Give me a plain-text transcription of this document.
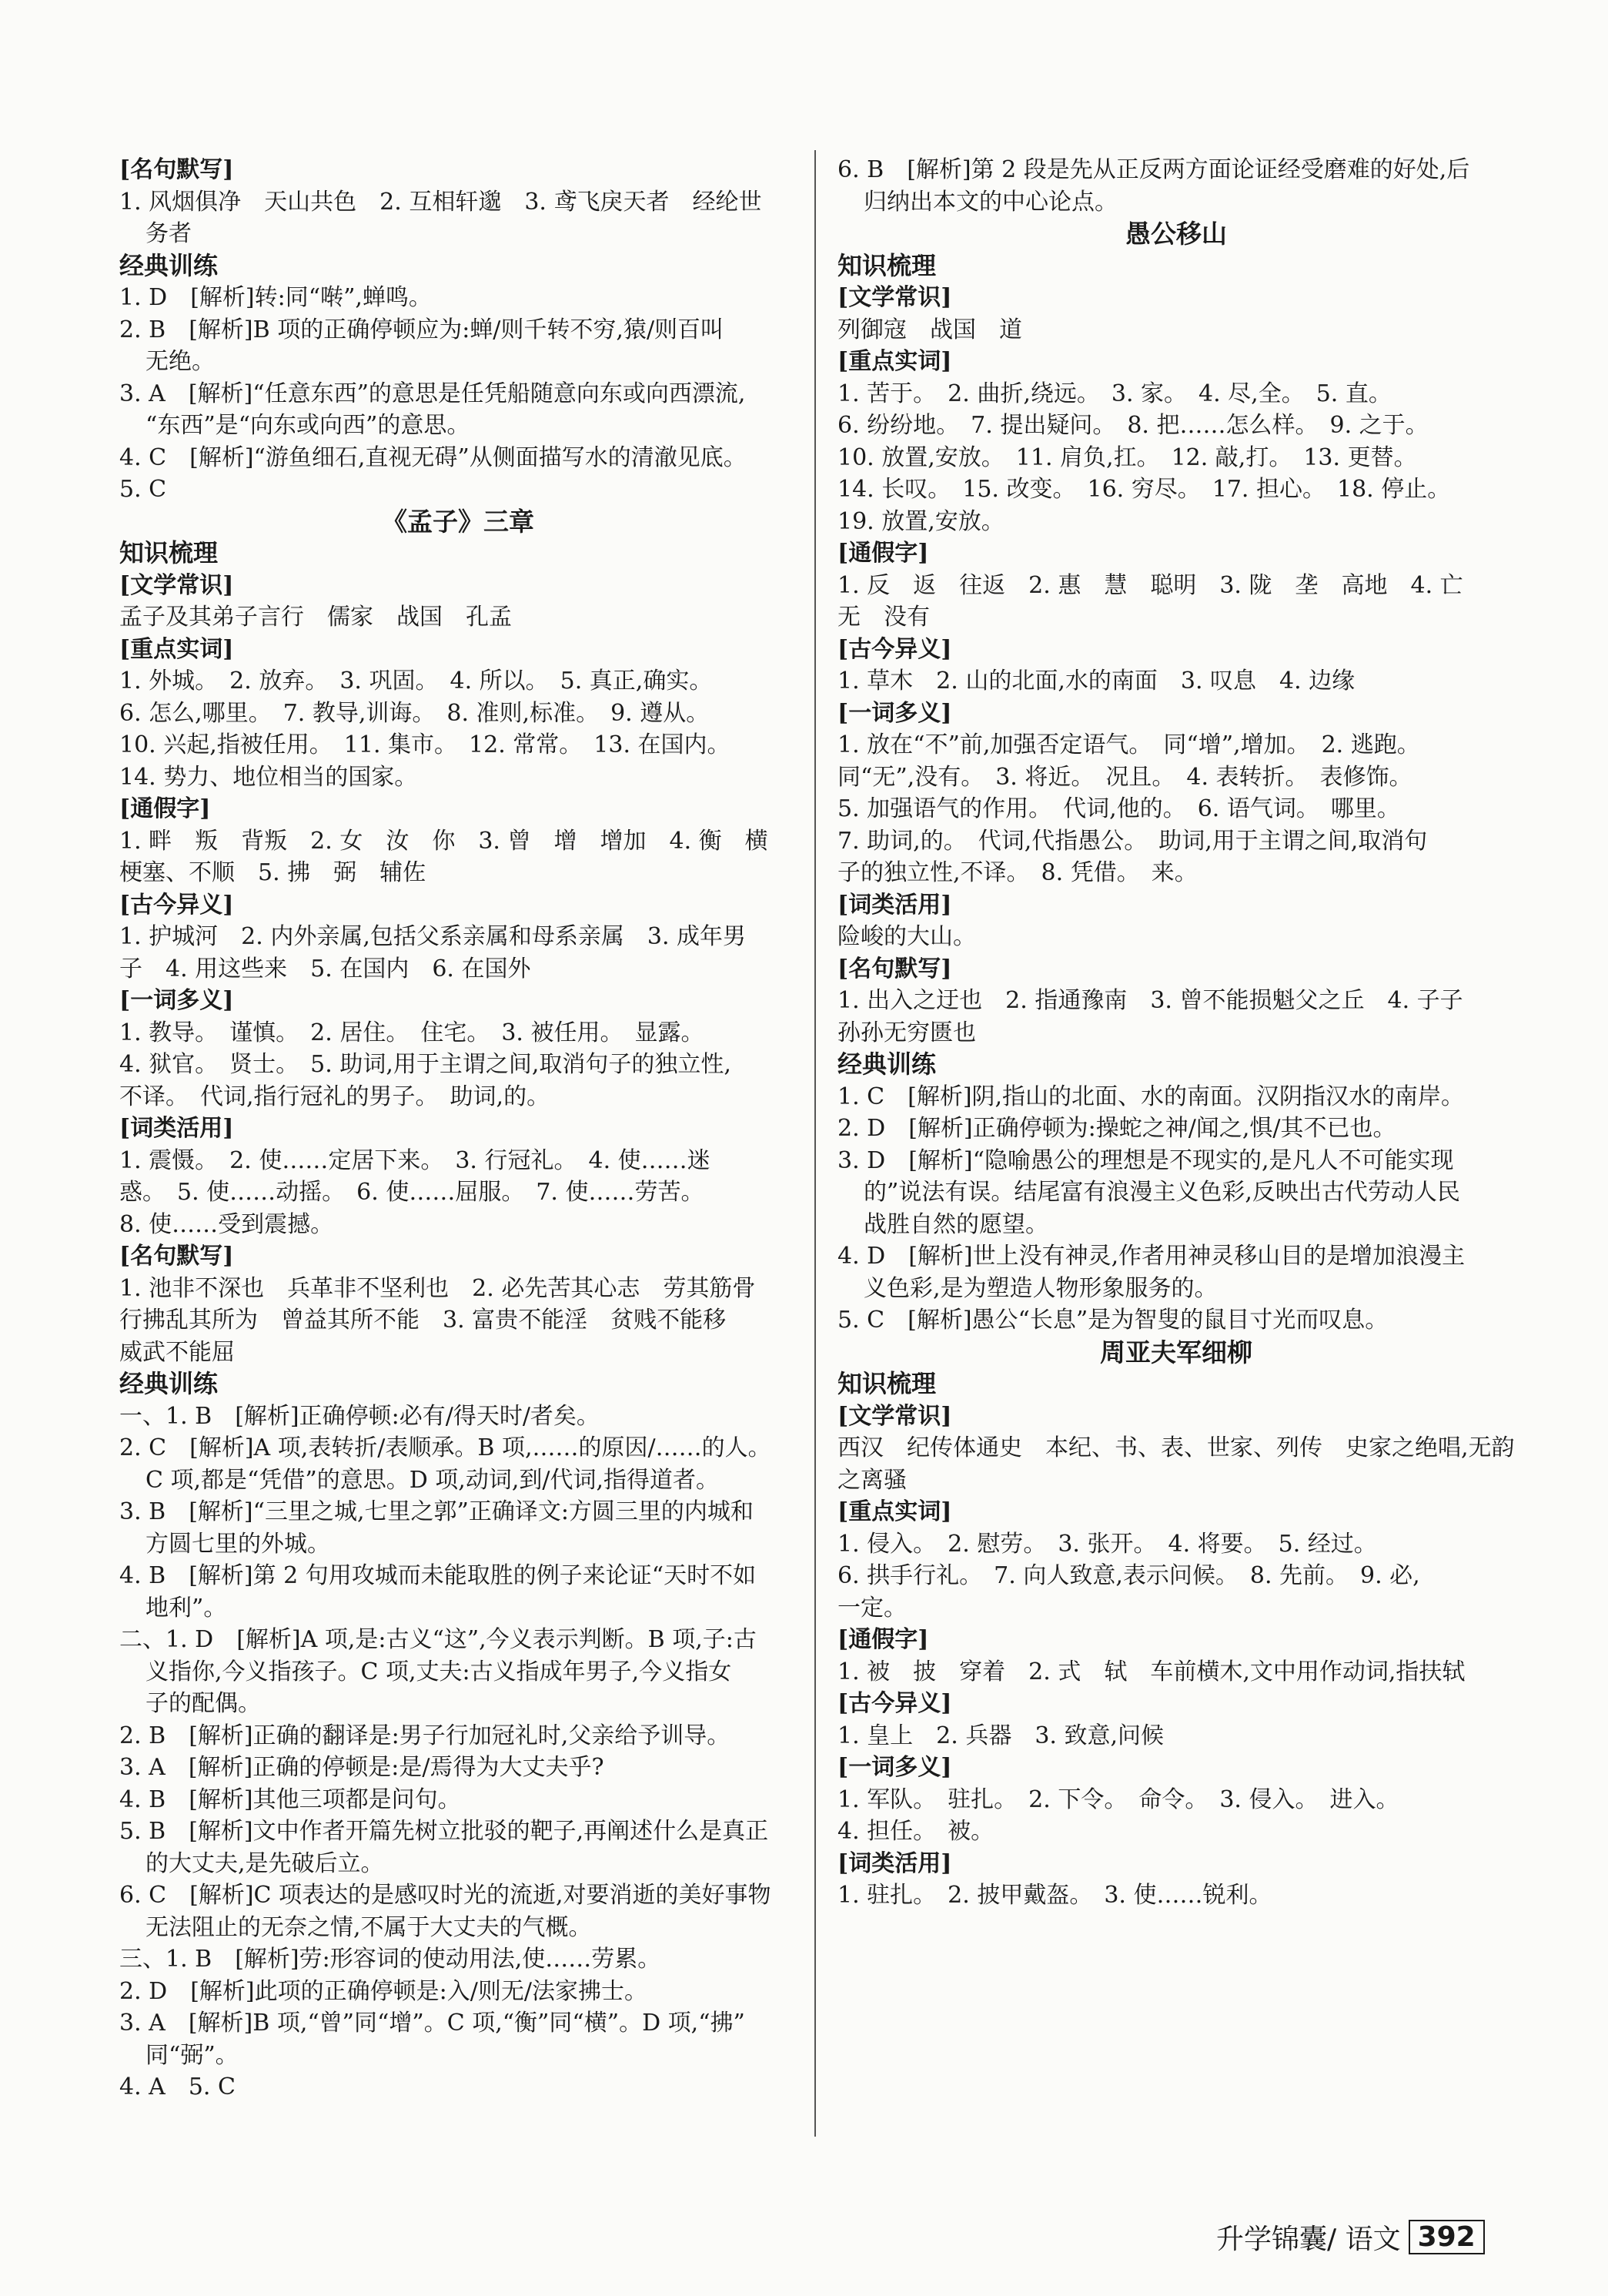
[名句默写]
1. 风烟俱净　天山共色　2. 互相轩邈　3. 鸢飞戾天者　经纶世
务者
经典训练
1. D　[解析]转:同“啭”,蝉鸣。
2. B　[解析]B 项的正确停顿应为:蝉/则千转不穷,猿/则百叫
无绝。
3. A　[解析]“任意东西”的意思是任凭船随意向东或向西漂流,
“东西”是“向东或向西”的意思。
4. C　[解析]“游鱼细石,直视无碍”从侧面描写水的清澈见底。
5. C
《孟子》三章
知识梳理
[文学常识]
孟子及其弟子言行　儒家　战国　孔孟
[重点实词]
1. 外城。　2. 放弃。　3. 巩固。　4. 所以。　5. 真正,确实。
6. 怎么,哪里。　7. 教导,训诲。　8. 准则,标准。　9. 遵从。
10. 兴起,指被任用。　11. 集市。　12. 常常。　13. 在国内。
14. 势力、地位相当的国家。
[通假字]
1. 畔　叛　背叛　2. 女　汝　你　3. 曾　增　增加　4. 衡　横
梗塞、不顺　5. 拂　弼　辅佐
[古今异义]
1. 护城河　2. 内外亲属,包括父系亲属和母系亲属　3. 成年男
子　4. 用这些来　5. 在国内　6. 在国外
[一词多义]
1. 教导。　谨慎。　2. 居住。　住宅。　3. 被任用。　显露。
4. 狱官。　贤士。　5. 助词,用于主谓之间,取消句子的独立性,
不译。　代词,指行冠礼的男子。　助词,的。
[词类活用]
1. 震慑。　2. 使……定居下来。　3. 行冠礼。　4. 使……迷
惑。　5. 使……动摇。　6. 使……屈服。　7. 使……劳苦。
8. 使……受到震撼。
[名句默写]
1. 池非不深也　兵革非不坚利也　2. 必先苦其心志　劳其筋骨
行拂乱其所为　曾益其所不能　3. 富贵不能淫　贫贱不能移
威武不能屈
经典训练
一、1. B　[解析]正确停顿:必有/得天时/者矣。
2. C　[解析]A 项,表转折/表顺承。B 项,……的原因/……的人。
C 项,都是“凭借”的意思。D 项,动词,到/代词,指得道者。
3. B　[解析]“三里之城,七里之郭”正确译文:方圆三里的内城和
方圆七里的外城。
4. B　[解析]第 2 句用攻城而未能取胜的例子来论证“天时不如
地利”。
二、1. D　[解析]A 项,是:古义“这”,今义表示判断。B 项,子:古
义指你,今义指孩子。C 项,丈夫:古义指成年男子,今义指女
子的配偶。
2. B　[解析]正确的翻译是:男子行加冠礼时,父亲给予训导。
3. A　[解析]正确的停顿是:是/焉得为大丈夫乎?
4. B　[解析]其他三项都是问句。
5. B　[解析]文中作者开篇先树立批驳的靶子,再阐述什么是真正
的大丈夫,是先破后立。
6. C　[解析]C 项表达的是感叹时光的流逝,对要消逝的美好事物
无法阻止的无奈之情,不属于大丈夫的气概。
三、1. B　[解析]劳:形容词的使动用法,使……劳累。
2. D　[解析]此项的正确停顿是:入/则无/法家拂士。
3. A　[解析]B 项,“曾”同“增”。C 项,“衡”同“横”。D 项,“拂”
同“弼”。
4. A　5. C
6. B　[解析]第 2 段是先从正反两方面论证经受磨难的好处,后
归纳出本文的中心论点。
愚公移山
知识梳理
[文学常识]
列御寇　战国　道
[重点实词]
1. 苦于。　2. 曲折,绕远。　3. 家。　4. 尽,全。　5. 直。
6. 纷纷地。　7. 提出疑问。　8. 把……怎么样。　9. 之于。
10. 放置,安放。　11. 肩负,扛。　12. 敲,打。　13. 更替。
14. 长叹。　15. 改变。　16. 穷尽。　17. 担心。　18. 停止。
19. 放置,安放。
[通假字]
1. 反　返　往返　2. 惠　慧　聪明　3. 陇　垄　高地　4. 亡
无　没有
[古今异义]
1. 草木　2. 山的北面,水的南面　3. 叹息　4. 边缘
[一词多义]
1. 放在“不”前,加强否定语气。　同“增”,增加。　2. 逃跑。
同“无”,没有。　3. 将近。　况且。　4. 表转折。　表修饰。
5. 加强语气的作用。　代词,他的。　6. 语气词。　哪里。
7. 助词,的。　代词,代指愚公。　助词,用于主谓之间,取消句
子的独立性,不译。　8. 凭借。　来。
[词类活用]
险峻的大山。
[名句默写]
1. 出入之迂也　2. 指通豫南　3. 曾不能损魁父之丘　4. 子子
孙孙无穷匮也
经典训练
1. C　[解析]阴,指山的北面、水的南面。汉阴指汉水的南岸。
2. D　[解析]正确停顿为:操蛇之神/闻之,惧/其不已也。
3. D　[解析]“隐喻愚公的理想是不现实的,是凡人不可能实现
的”说法有误。结尾富有浪漫主义色彩,反映出古代劳动人民
战胜自然的愿望。
4. D　[解析]世上没有神灵,作者用神灵移山目的是增加浪漫主
义色彩,是为塑造人物形象服务的。
5. C　[解析]愚公“长息”是为智叟的鼠目寸光而叹息。
周亚夫军细柳
知识梳理
[文学常识]
西汉　纪传体通史　本纪、书、表、世家、列传　史家之绝唱,无韵
之离骚
[重点实词]
1. 侵入。　2. 慰劳。　3. 张开。　4. 将要。　5. 经过。
6. 拱手行礼。　7. 向人致意,表示问候。　8. 先前。　9. 必,
一定。
[通假字]
1. 被　披　穿着　2. 式　轼　车前横木,文中用作动词,指扶轼
[古今异义]
1. 皇上　2. 兵器　3. 致意,问候
[一词多义]
1. 军队。　驻扎。　2. 下令。　命令。　3. 侵入。　进入。
4. 担任。　被。
[词类活用]
1. 驻扎。　2. 披甲戴盔。　3. 使……锐利。
升学锦囊/ 语文 392
